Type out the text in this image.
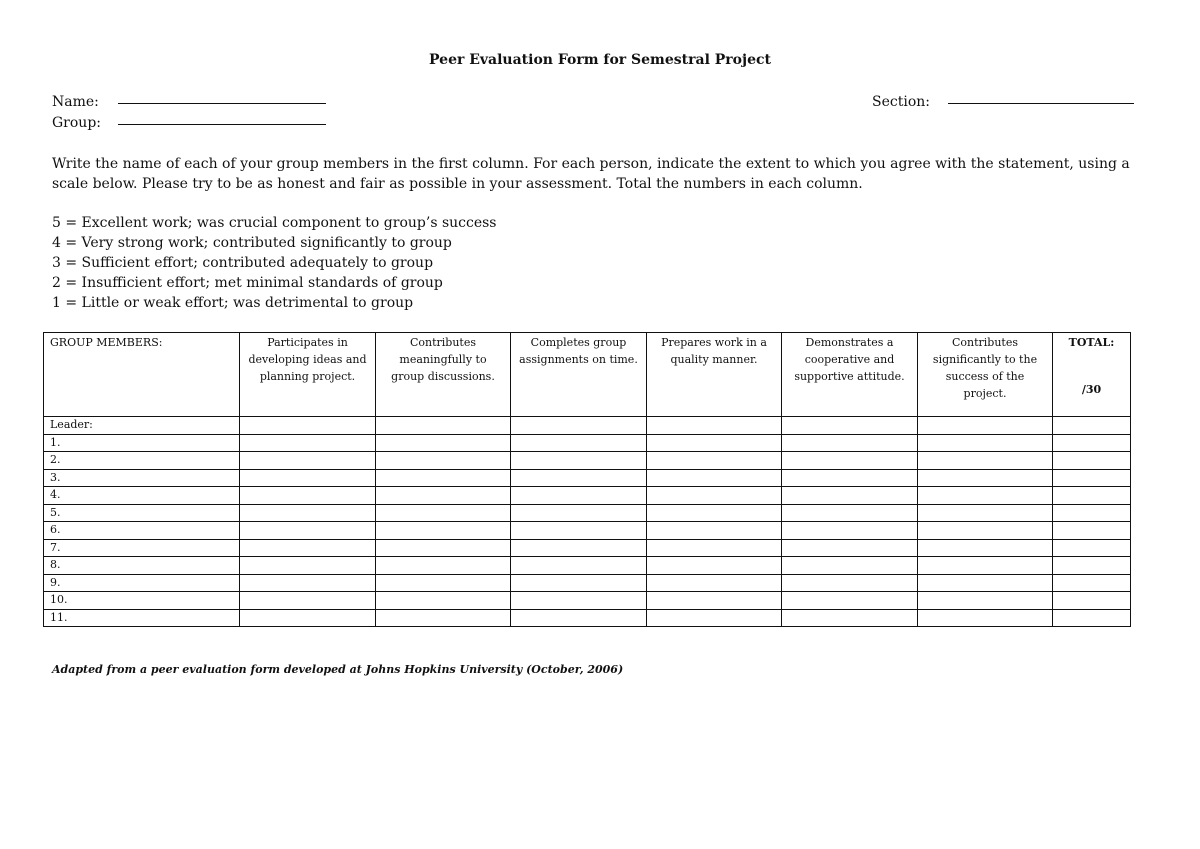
Peer Evaluation Form for Semestral Project
Name:
Group:
Section:
Write the name of each of your group members in the first column. For each person, indicate the extent to which you agree with the statement, using a scale below. Please try to be as honest and fair as possible in your assessment. Total the numbers in each column.
5 = Excellent work; was crucial component to group’s success
4 = Very strong work; contributed significantly to group
3 = Sufficient effort; contributed adequately to group
2 = Insufficient effort; met minimal standards of group
1 = Little or weak effort; was detrimental to group
GROUP MEMBERS:	Participates in developing ideas and planning project.	Contributes meaningfully to group discussions.	Completes group assignments on time.	Prepares work in a quality manner.	Demonstrates a cooperative and supportive attitude.	Contributes significantly to the success of the project.	TOTAL:
/30

Leader:							
1.							
2.							
3.							
4.							
5.							
6.							
7.							
8.							
9.							
10.							
11.							
Adapted from a peer evaluation form developed at Johns Hopkins University (October, 2006)
